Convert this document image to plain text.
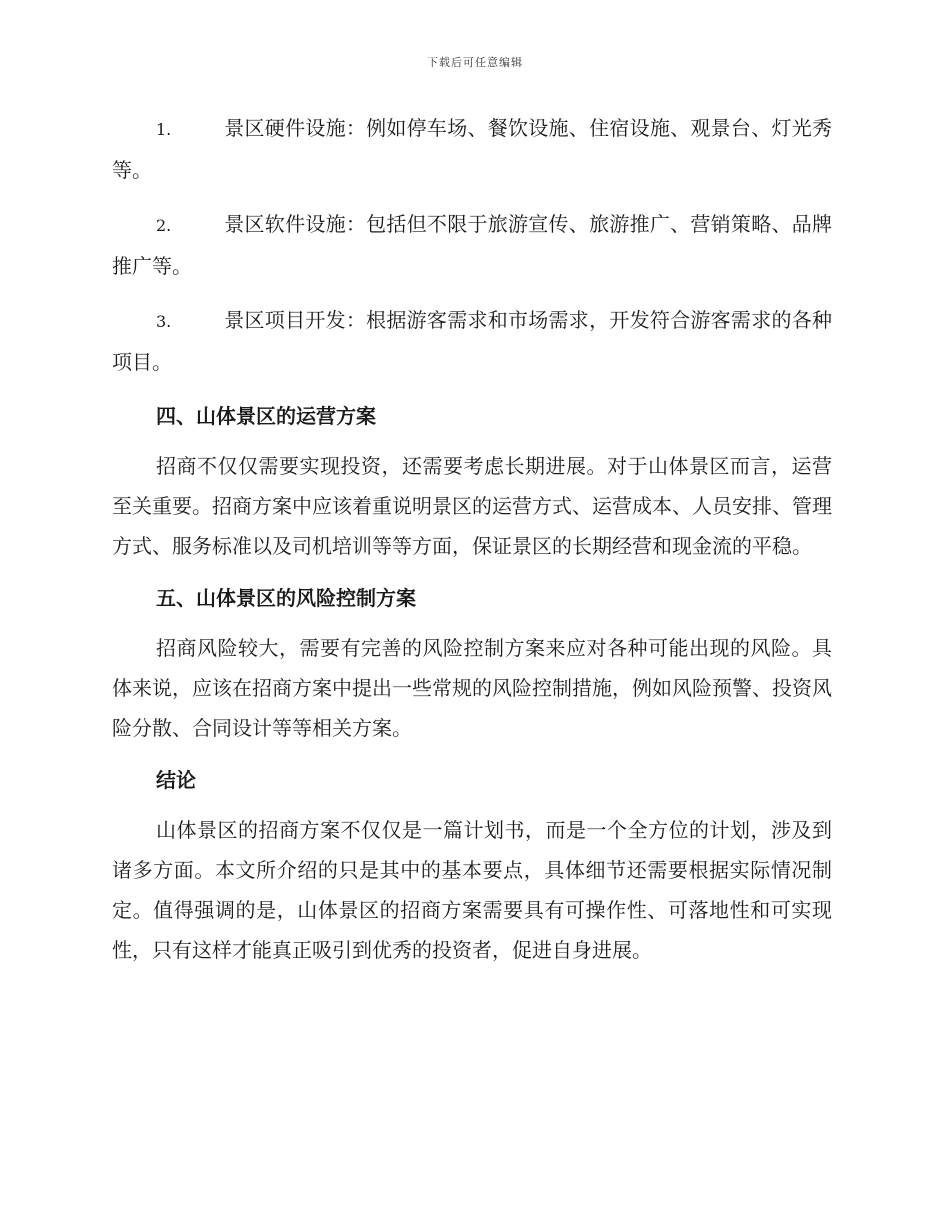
下载后可任意编辑
1.	景区硬件设施：例如停车场、餐饮设施、住宿设施、观景台、灯光秀等。
2.	景区软件设施：包括但不限于旅游宣传、旅游推广、营销策略、品牌推广等。
3.	景区项目开发：根据游客需求和市场需求，开发符合游客需求的各种项目。
四、山体景区的运营方案

招商不仅仅需要实现投资，还需要考虑长期进展。对于山体景区而言，运营至关重要。招商方案中应该着重说明景区的运营方式、运营成本、人员安排、管理方式、服务标准以及司机培训等等方面，保证景区的长期经营和现金流的平稳。

五、山体景区的风险控制方案

招商风险较大，需要有完善的风险控制方案来应对各种可能出现的风险。具体来说，应该在招商方案中提出一些常规的风险控制措施，例如风险预警、投资风险分散、合同设计等等相关方案。

结论

山体景区的招商方案不仅仅是一篇计划书，而是一个全方位的计划，涉及到诸多方面。本文所介绍的只是其中的基本要点，具体细节还需要根据实际情况制定。值得强调的是，山体景区的招商方案需要具有可操作性、可落地性和可实现性，只有这样才能真正吸引到优秀的投资者，促进自身进展。
